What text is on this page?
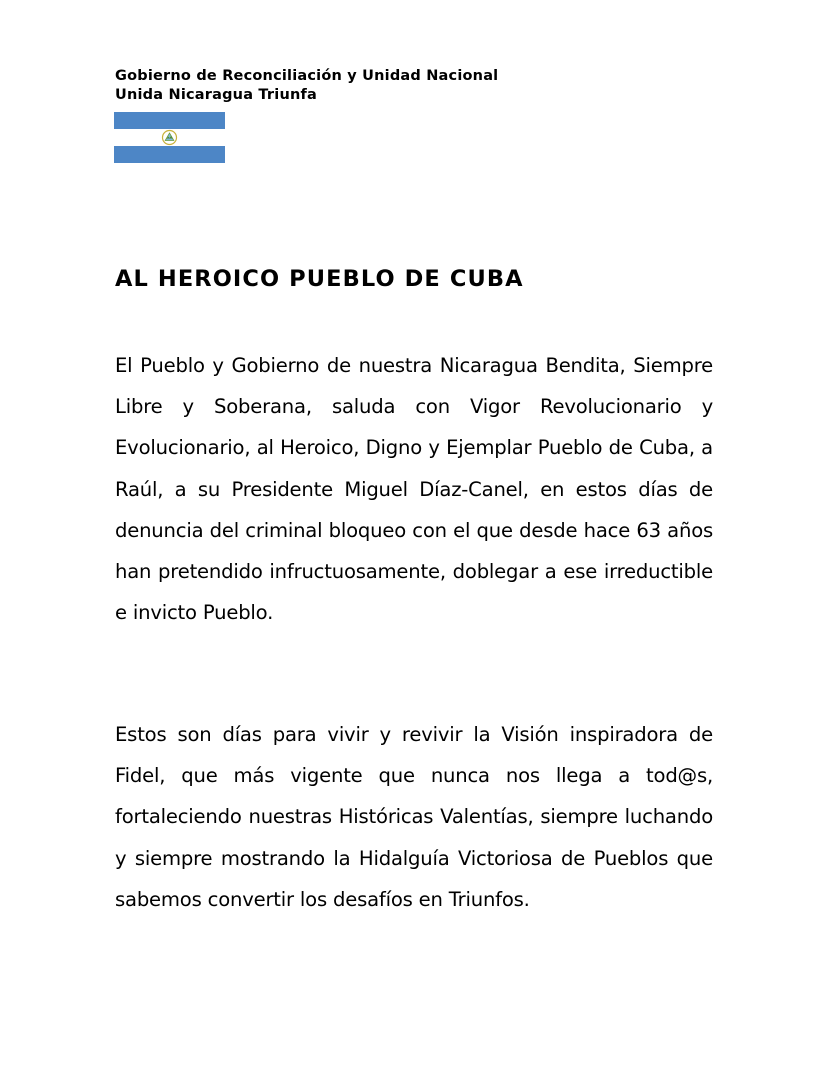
Gobierno de Reconciliación y Unidad Nacional
Unida Nicaragua Triunfa
AL HEROICO PUEBLO DE CUBA

El Pueblo y Gobierno de nuestra Nicaragua Bendita, Siempre Libre y Soberana, saluda con Vigor Revolucionario y Evolucionario, al Heroico, Digno y Ejemplar Pueblo de Cuba, a Raúl, a su Presidente Miguel Díaz-Canel, en estos días de denuncia del criminal bloqueo con el que desde hace 63 años han pretendido infructuosamente, doblegar a ese irreductible e invicto Pueblo.

Estos son días para vivir y revivir la Visión inspiradora de Fidel, que más vigente que nunca nos llega a tod@s, fortaleciendo nuestras Históricas Valentías, siempre luchando y siempre mostrando la Hidalguía Victoriosa de Pueblos que sabemos convertir los desafíos en Triunfos.
